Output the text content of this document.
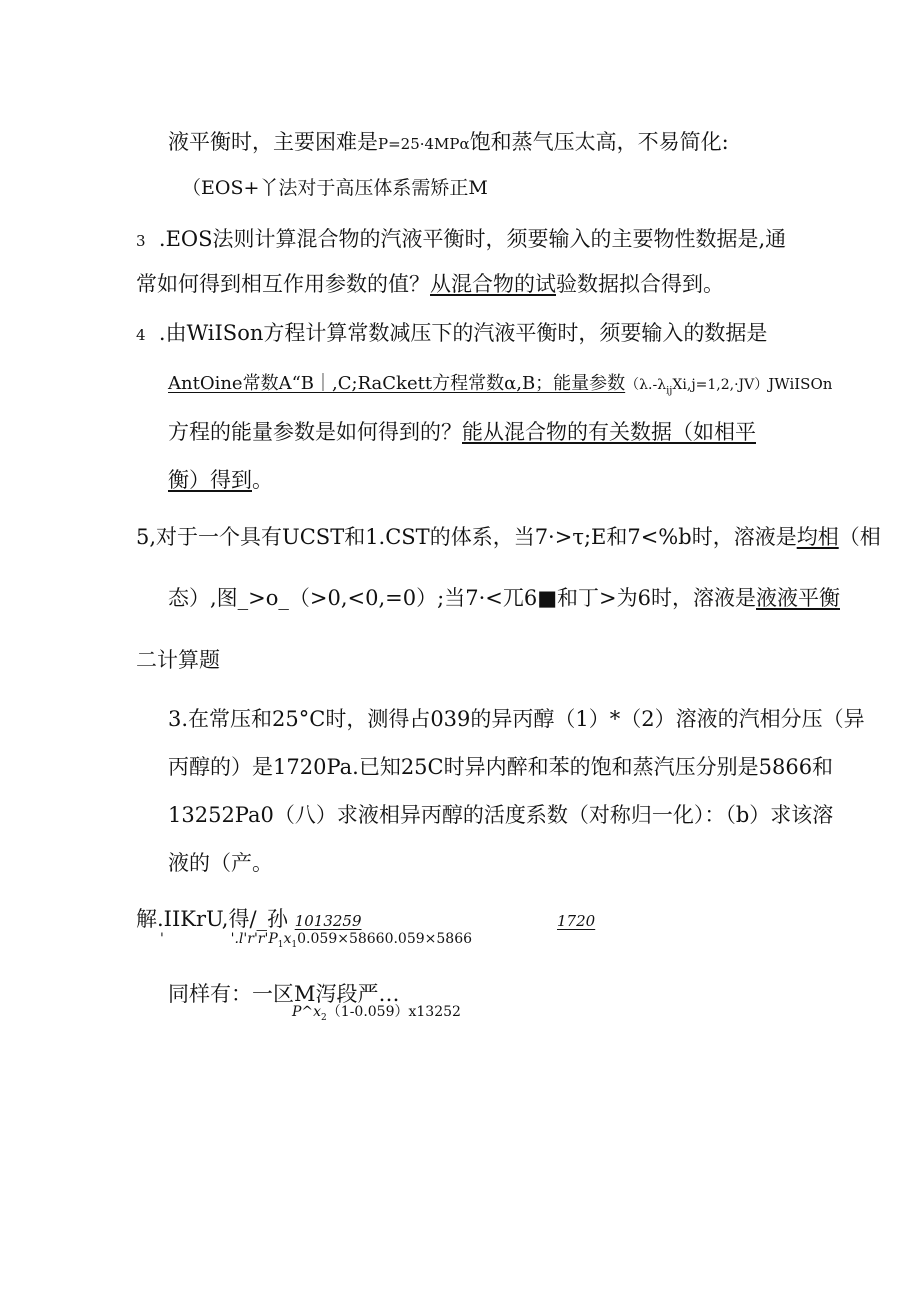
液平衡时，主要困难是P=25·4MPα饱和蒸气压太高，不易简化:
（EOS+丫法对于高压体系需矫正M
3 .EOS法则计算混合物的汽液平衡时，须要输入的主要物性数据是,通
常如何得到相互作用参数的值？从混合物的试验数据拟合得到。
4 .由WiISon方程计算常数减压下的汽液平衡时，须要输入的数据是
AntOine常数A“B｜,C;RaCkett方程常数α,B；能量参数$(\lambda.-\lambda_{ij}Xi,j=1,2,\cdot JV)JWiISOn$
方程的能量参数是如何得到的？能从混合物的有关数据（如相平
衡）得到。
5,对于一个具有UCST和1.CST的体系，当7·>τ;E和7<%b时，溶液是均相（相
态）,图_>o_（>0,<0,=0）;当7·<兀6■和丁>为6时，溶液是液液平衡
二计算题
3.在常压和25°C时，测得占039的异丙醇（1）*（2）溶液的汽相分压（异
丙醇的）是1720Pa.已知25C时异内醉和苯的饱和蒸汽压分别是5866和
13252Pa0（八）求液相异丙醇的活度系数（对称归一化）：（b）求该溶
液的（产。
解.IIKrU,得/_孙 1013259	1720
'	'$.l'r'r'P_1x_10.059\times 58660.059\times 5866$
同样有：一区M泻段严…
$P\^{}x_2(1-0.059)x13252$
